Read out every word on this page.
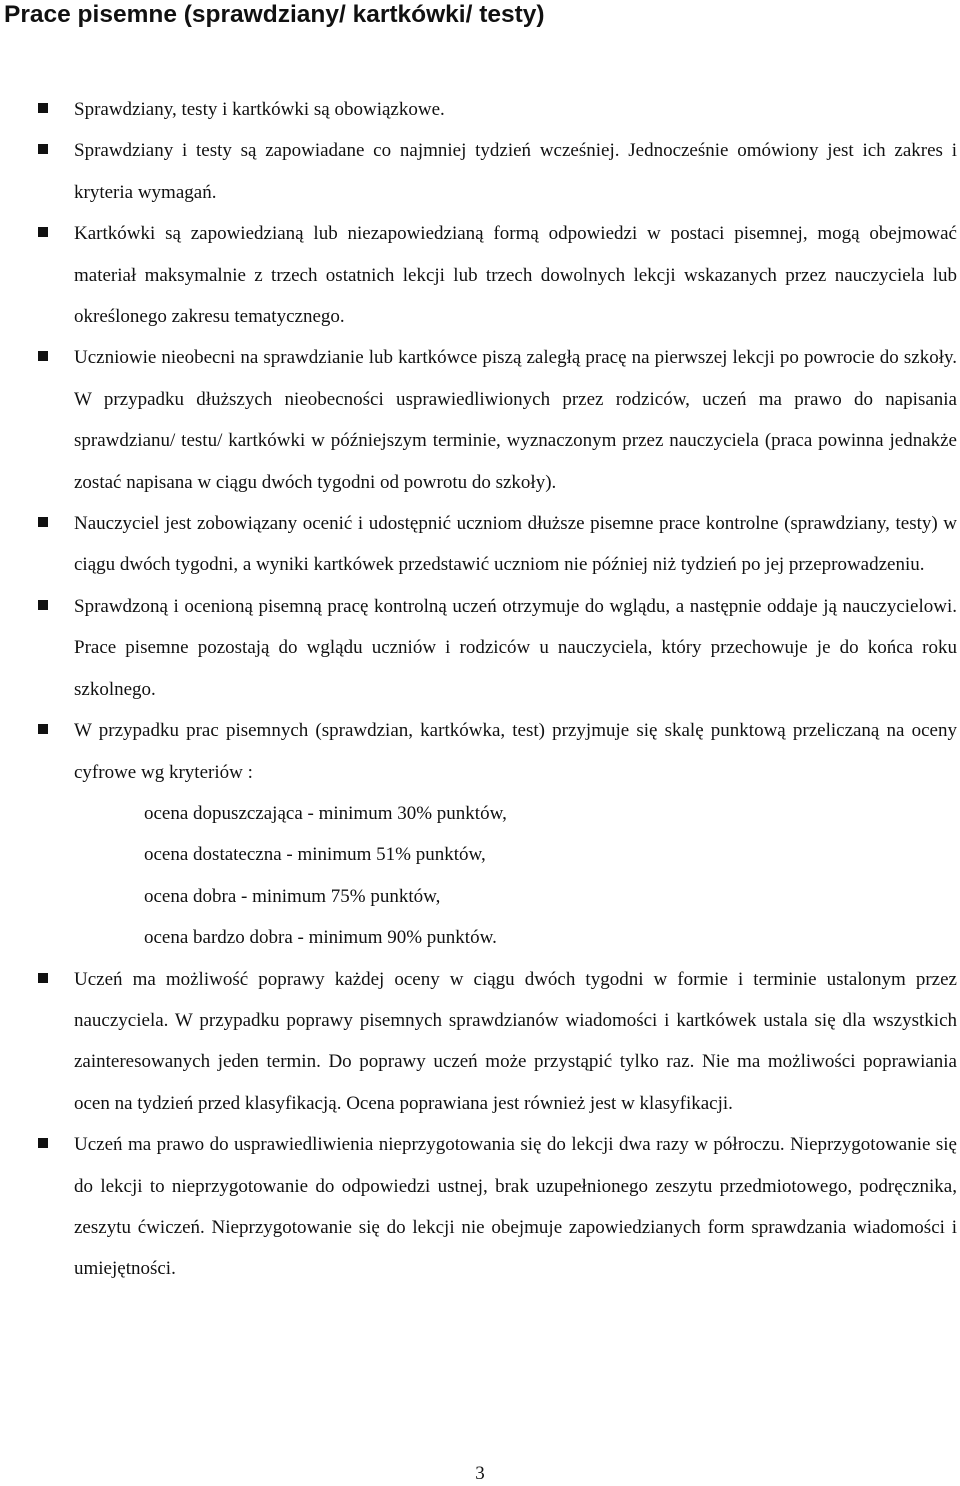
Prace pisemne (sprawdziany/ kartkówki/ testy)
Sprawdziany, testy i kartkówki są obowiązkowe.
Sprawdziany i testy są zapowiadane co najmniej tydzień wcześniej. Jednocześnie omówiony jest ich zakres i kryteria wymagań.
Kartkówki są zapowiedzianą lub niezapowiedzianą formą odpowiedzi w postaci pisemnej, mogą obejmować materiał maksymalnie z trzech ostatnich lekcji lub trzech dowolnych lekcji wskazanych przez nauczyciela lub określonego zakresu tematycznego.
Uczniowie nieobecni na sprawdzianie lub kartkówce piszą zaległą pracę na pierwszej lekcji po powrocie do szkoły. W przypadku dłuższych nieobecności usprawiedliwionych przez rodziców, uczeń ma prawo do napisania sprawdzianu/ testu/ kartkówki w późniejszym terminie, wyznaczonym przez nauczyciela (praca powinna jednakże zostać napisana w ciągu dwóch tygodni od powrotu do szkoły).
Nauczyciel jest zobowiązany ocenić i udostępnić uczniom dłuższe pisemne prace kontrolne (sprawdziany, testy) w ciągu dwóch tygodni, a wyniki kartkówek przedstawić uczniom nie później niż tydzień po jej przeprowadzeniu.
Sprawdzoną i ocenioną pisemną pracę kontrolną uczeń otrzymuje do wglądu, a następnie oddaje ją nauczycielowi. Prace pisemne pozostają do wglądu uczniów i rodziców u nauczyciela, który przechowuje je do końca roku szkolnego.
W przypadku prac pisemnych (sprawdzian, kartkówka, test) przyjmuje się skalę punktową przeliczaną na oceny cyfrowe wg kryteriów :
ocena dopuszczająca - minimum 30% punktów,
ocena dostateczna - minimum 51% punktów,
ocena dobra - minimum 75% punktów,
ocena bardzo dobra - minimum 90% punktów.
Uczeń ma możliwość poprawy każdej oceny w ciągu dwóch tygodni w formie i terminie ustalonym przez nauczyciela. W przypadku poprawy pisemnych sprawdzianów wiadomości i kartkówek ustala się dla wszystkich zainteresowanych jeden termin. Do poprawy uczeń może przystąpić tylko raz. Nie ma możliwości poprawiania ocen na tydzień przed klasyfikacją. Ocena poprawiana jest również jest w klasyfikacji.
Uczeń ma prawo do usprawiedliwienia nieprzygotowania się do lekcji dwa razy w półroczu. Nieprzygotowanie się do lekcji to nieprzygotowanie do odpowiedzi ustnej, brak uzupełnionego zeszytu przedmiotowego, podręcznika, zeszytu ćwiczeń. Nieprzygotowanie się do lekcji nie obejmuje zapowiedzianych form sprawdzania wiadomości i umiejętności.
3
